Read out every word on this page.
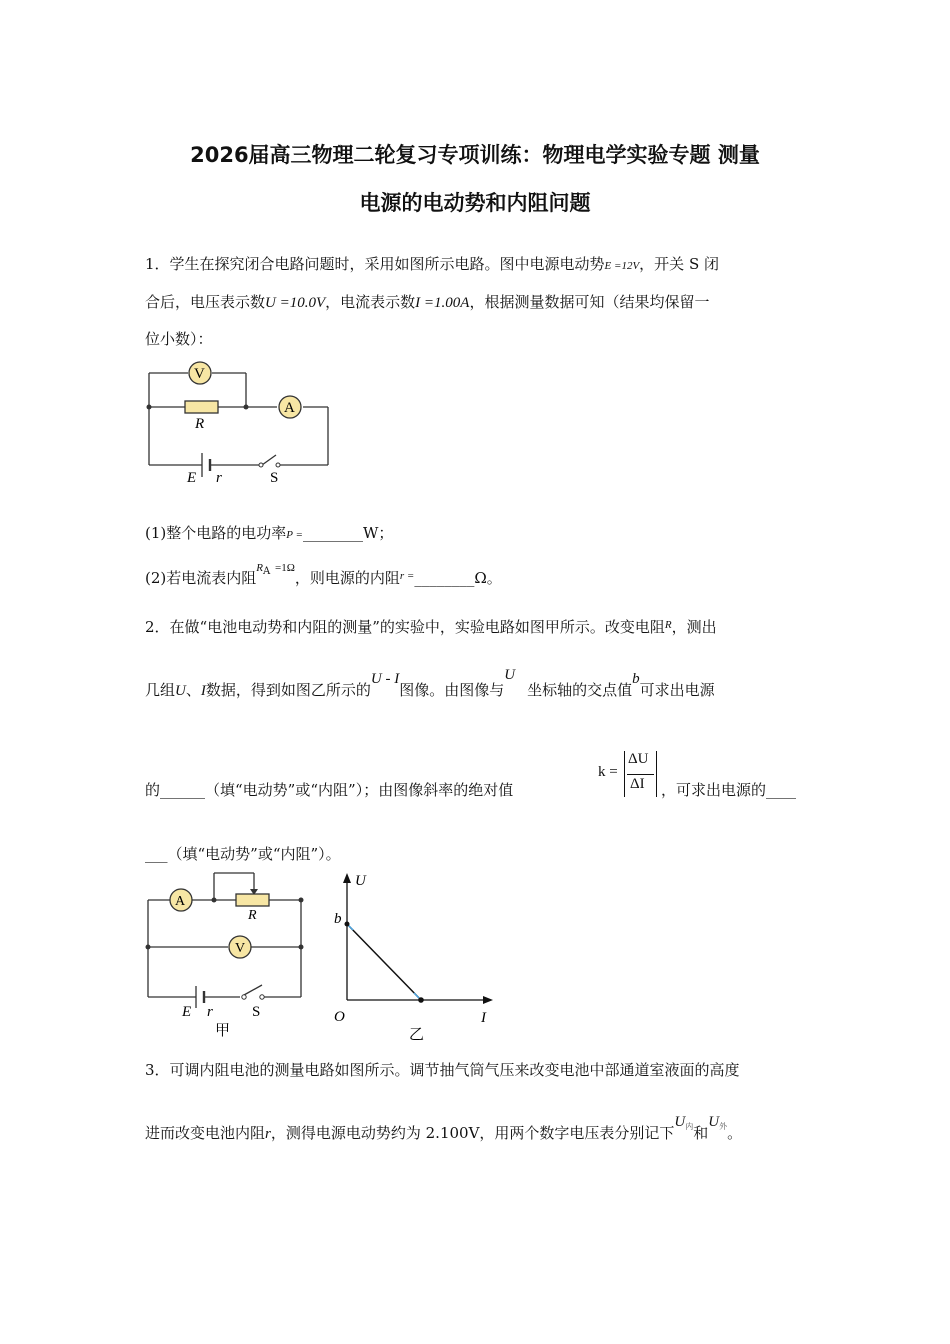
2026届高三物理二轮复习专项训练：物理电学实验专题 测量
电源的电动势和内阻问题
1．学生在探究闭合电路问题时，采用如图所示电路。图中电源电动势E =12V，开关 S 闭
合后，电压表示数U =10.0V，电流表示数I =1.00A，根据测量数据可知（结果均保留一
位小数）：
V
A
R
E r	S
(1)整个电路的电功率P =________W；
(2)若电流表内阻$R_A =1\Omega$，则电源的内阻$^{r =}$________Ω。
2．在做“电池电动势和内阻的测量”的实验中，实验电路如图甲所示。改变电阻$^R$，测出
几组U、I数据，得到如图乙所示的U - I图像。由图像与U坐标轴的交点值b可求出电源
的______（填“电动势”或“内阻”）；由图像斜率的绝对值
k =
ΔU
ΔI ，可求出电源的____
___（填“电动势”或“内阻”）。
A
R
V
E r	S
甲
U
I
O
b
乙
3．可调内阻电池的测量电路如图所示。调节抽气筒气压来改变电池中部通道室液面的高度
进而改变电池内阻r，测得电源电动势约为 2.100V，用两个数字电压表分别记下$U_内$和$U_外$。
